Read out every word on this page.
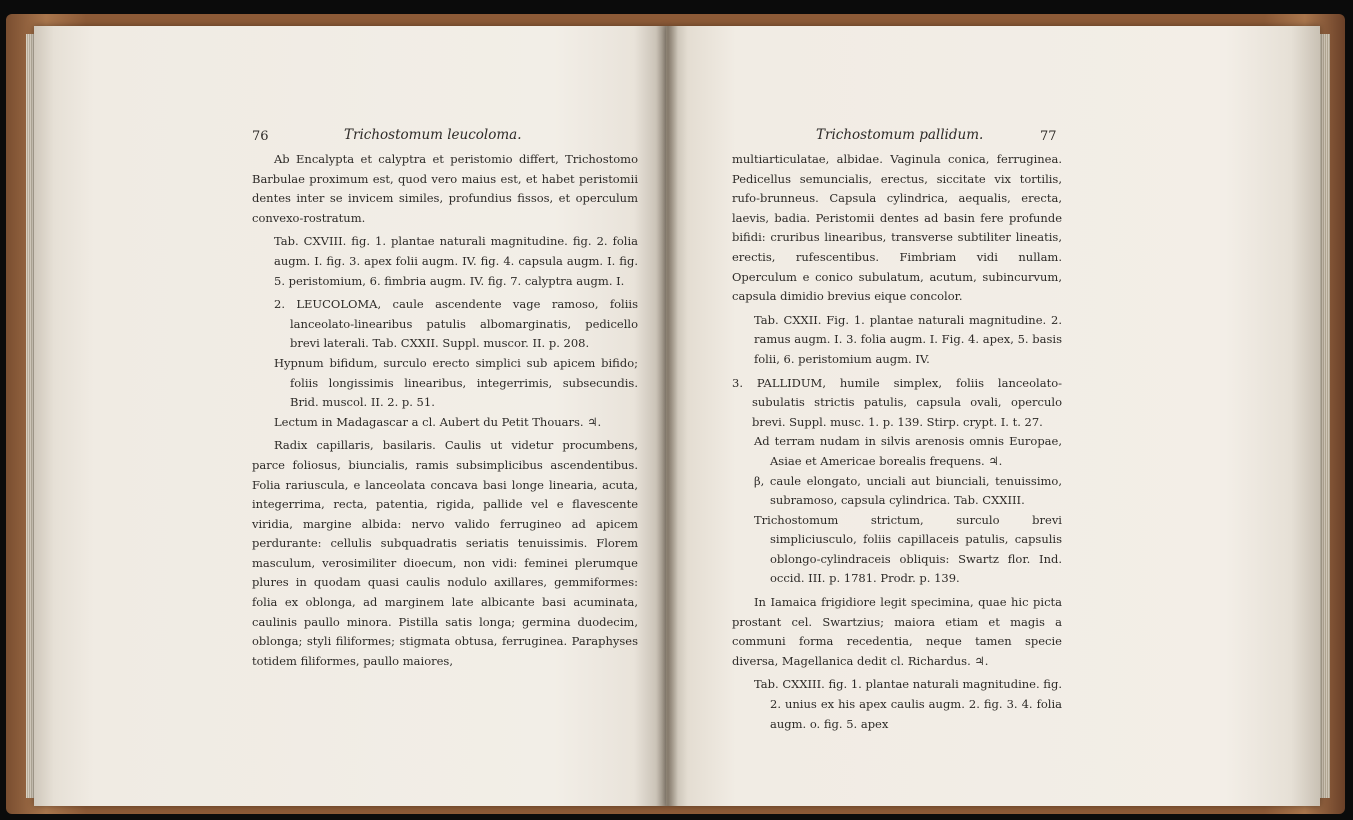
76	Trichostomum leucoloma.

Ab Encalypta et calyptra et peristomio differt, Trichostomo Barbulae proximum est, quod vero maius est, et habet peristomii dentes inter se invicem similes, profundius fissos, et operculum convexo-rostratum.

Tab. CXVIII. fig. 1. plantae naturali magnitudine. fig. 2. folia augm. I. fig. 3. apex folii augm. IV. fig. 4. capsula augm. I. fig. 5. peristomium, 6. fimbria augm. IV. fig. 7. calyptra augm. I.

2. LEUCOLOMA, caule ascendente vage ramoso, foliis lanceolato-linearibus patulis albomarginatis, pedicello brevi laterali. Tab. CXXII. Suppl. muscor. II. p. 208.

Hypnum bifidum, surculo erecto simplici sub apicem bifido; foliis longissimis linearibus, integerrimis, subsecundis. Brid. muscol. II. 2. p. 51.

Lectum in Madagascar a cl. Aubert du Petit Thouars. ♃.

Radix capillaris, basilaris. Caulis ut videtur procumbens, parce foliosus, biuncialis, ramis subsimplicibus ascendentibus. Folia rariuscula, e lanceolata concava basi longe linearia, acuta, integerrima, recta, patentia, rigida, pallide vel e flavescente viridia, margine albida: nervo valido ferrugineo ad apicem perdurante: cellulis subquadratis seriatis tenuissimis. Florem masculum, verosimiliter dioecum, non vidi: feminei plerumque plures in quodam quasi caulis nodulo axillares, gemmiformes: folia ex oblonga, ad marginem late albicante basi acuminata, caulinis paullo minora. Pistilla satis longa; germina duodecim, oblonga; styli filiformes; stigmata obtusa, ferruginea. Paraphyses totidem filiformes, paullo maiores,

Trichostomum pallidum.	77

multiarticulatae, albidae. Vaginula conica, ferruginea. Pedicellus semuncialis, erectus, siccitate vix tortilis, rufo-brunneus. Capsula cylindrica, aequalis, erecta, laevis, badia. Peristomii dentes ad basin fere profunde bifidi: cruribus linearibus, transverse subtiliter lineatis, erectis, rufescentibus. Fimbriam vidi nullam. Operculum e conico subulatum, acutum, subincurvum, capsula dimidio brevius eique concolor.

Tab. CXXII. Fig. 1. plantae naturali magnitudine. 2. ramus augm. I. 3. folia augm. I. Fig. 4. apex, 5. basis folii, 6. peristomium augm. IV.

3. PALLIDUM, humile simplex, foliis lanceolato-subulatis strictis patulis, capsula ovali, operculo brevi. Suppl. musc. 1. p. 139. Stirp. crypt. I. t. 27.

Ad terram nudam in silvis arenosis omnis Europae, Asiae et Americae borealis frequens. ♃.

β, caule elongato, unciali aut biunciali, tenuissimo, subramoso, capsula cylindrica. Tab. CXXIII.

Trichostomum strictum, surculo brevi simpliciusculo, foliis capillaceis patulis, capsulis oblongo-cylindraceis obliquis: Swartz flor. Ind. occid. III. p. 1781. Prodr. p. 139.

In Iamaica frigidiore legit specimina, quae hic picta prostant cel. Swartzius; maiora etiam et magis a communi forma recedentia, neque tamen specie diversa, Magellanica dedit cl. Richardus. ♃.

Tab. CXXIII. fig. 1. plantae naturali magnitudine. fig. 2. unius ex his apex caulis augm. 2. fig. 3. 4. folia augm. o. fig. 5. apex
